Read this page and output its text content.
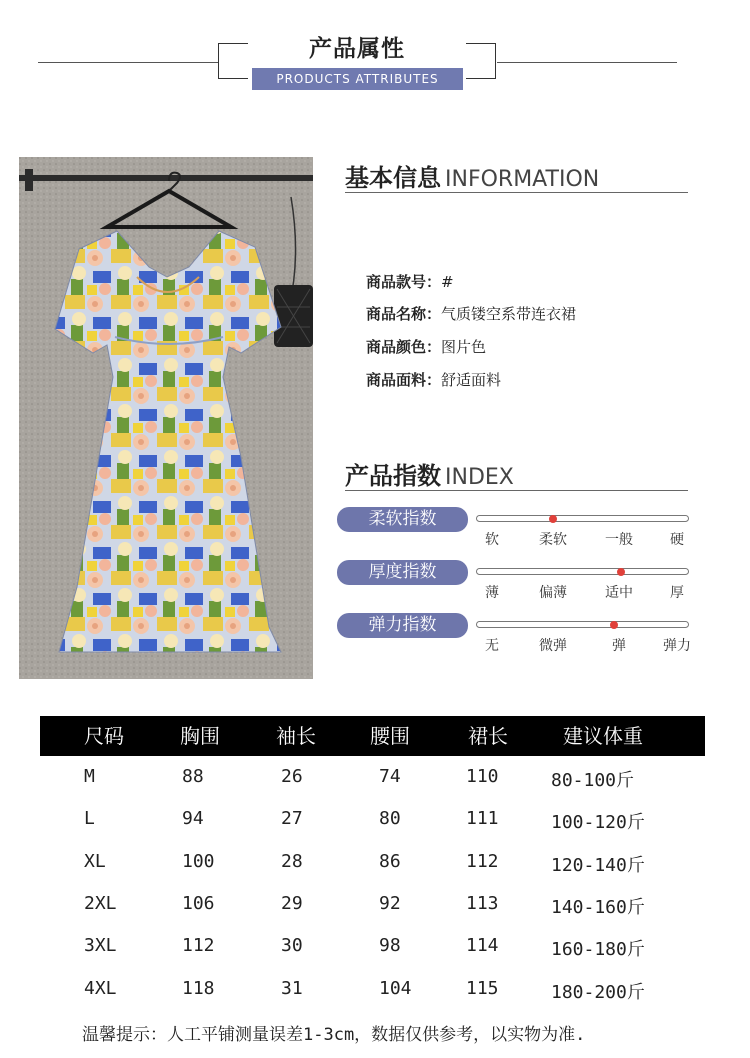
产品属性
PRODUCTS ATTRIBUTES
基本信息 INFORMATION
商品款号：#
商品名称：气质镂空系带连衣裙
商品颜色：图片色
商品面料：舒适面料
产品指数 INDEX
柔软指数
软	柔软	一般	硬
厚度指数
薄	偏薄	适中	厚
弹力指数
无	微弹	弹	弹力
尺码	胸围	袖长	腰围	裙长	建议体重
M	88	26	74	110	80-100斤
L	94	27	80	111	100-120斤
XL	100	28	86	112	120-140斤
2XL	106	29	92	113	140-160斤
3XL	112	30	98	114	160-180斤
4XL	118	31	104	115	180-200斤
温馨提示：人工平铺测量误差1-3cm，数据仅供参考，以实物为准.
